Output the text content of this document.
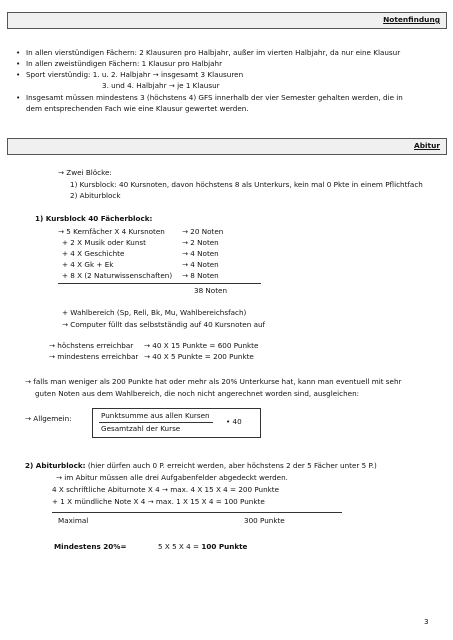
Notenfindung
• In allen vierstündigen Fächern: 2 Klausuren pro Halbjahr, außer im vierten Halbjahr, da nur eine Klausur
• In allen zweistündigen Fächern: 1 Klausur pro Halbjahr
• Sport vierstündig: 1. u. 2. Halbjahr → insgesamt 3 Klausuren
3. und 4. Halbjahr → je 1 Klausur
• Insgesamt müssen mindestens 3 (höchstens 4) GFS innerhalb der vier Semester gehalten werden, die in
dem entsprechenden Fach wie eine Klausur gewertet werden.
Abitur
→ Zwei Blöcke:
1) Kursblock: 40 Kursnoten, davon höchstens 8 als Unterkurs, kein mal 0 Pkte in einem Pflichtfach
2) Abiturblock
1) Kursblock 40 Fächerblock:
→ 5 Kernfächer X 4 Kursnoten → 20 Noten
+ 2 X Musik oder Kunst	→ 2 Noten
+ 4 X Geschichte	→ 4 Noten
+ 4 X Gk + Ek	→ 4 Noten
+ 8 X (2 Naturwissenschaften) → 8 Noten
38 Noten
+ Wahlbereich (Sp, Reli, Bk, Mu, Wahlbereichsfach)
→ Computer füllt das selbstständig auf 40 Kursnoten auf
→ höchstens erreichbar → 40 X 15 Punkte = 600 Punkte
→ mindestens erreichbar → 40 X 5 Punkte = 200 Punkte
→ falls man weniger als 200 Punkte hat oder mehr als 20% Unterkurse hat, kann man eventuell mit sehr
guten Noten aus dem Wahlbereich, die noch nicht angerechnet worden sind, ausgleichen:
→ Allgemein:	Punktsumme aus allen Kursen
Gesamtzahl der Kurse
• 40
2) Abiturblock: (hier dürfen auch 0 P. erreicht werden, aber höchstens 2 der 5 Fächer unter 5 P.)
→ im Abitur müssen alle drei Aufgabenfelder abgedeckt werden.
4 X schriftliche Abiturnote X 4 → max. 4 X 15 X 4 = 200 Punkte
+ 1 X mündliche Note X 4 → max. 1 X 15 X 4 = 100 Punkte
Maximal	300 Punkte
Mindestens 20%=	5 X 5 X 4 = 100 Punkte
3
